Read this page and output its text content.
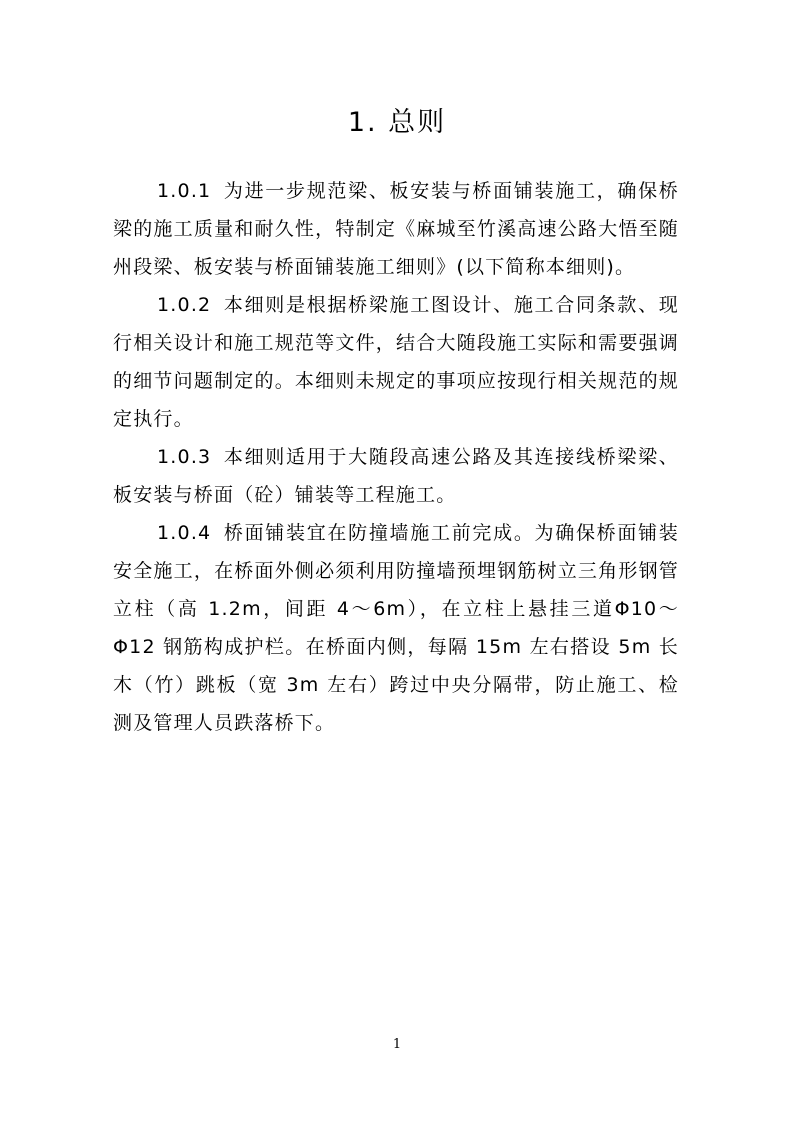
1. 总则

1.0.1 为进一步规范梁、板安装与桥面铺装施工，确保桥梁的施工质量和耐久性，特制定《麻城至竹溪高速公路大悟至随州段梁、板安装与桥面铺装施工细则》(以下简称本细则)。

1.0.2 本细则是根据桥梁施工图设计、施工合同条款、现行相关设计和施工规范等文件，结合大随段施工实际和需要强调的细节问题制定的。本细则未规定的事项应按现行相关规范的规定执行。

1.0.3 本细则适用于大随段高速公路及其连接线桥梁梁、板安装与桥面（砼）铺装等工程施工。

1.0.4 桥面铺装宜在防撞墙施工前完成。为确保桥面铺装安全施工，在桥面外侧必须利用防撞墙预埋钢筋树立三角形钢管立柱（高 1.2m，间距 4～6m），在立柱上悬挂三道Φ10～Φ12 钢筋构成护栏。在桥面内侧，每隔 15m 左右搭设 5m 长木（竹）跳板（宽 3m 左右）跨过中央分隔带，防止施工、检测及管理人员跌落桥下。

1
